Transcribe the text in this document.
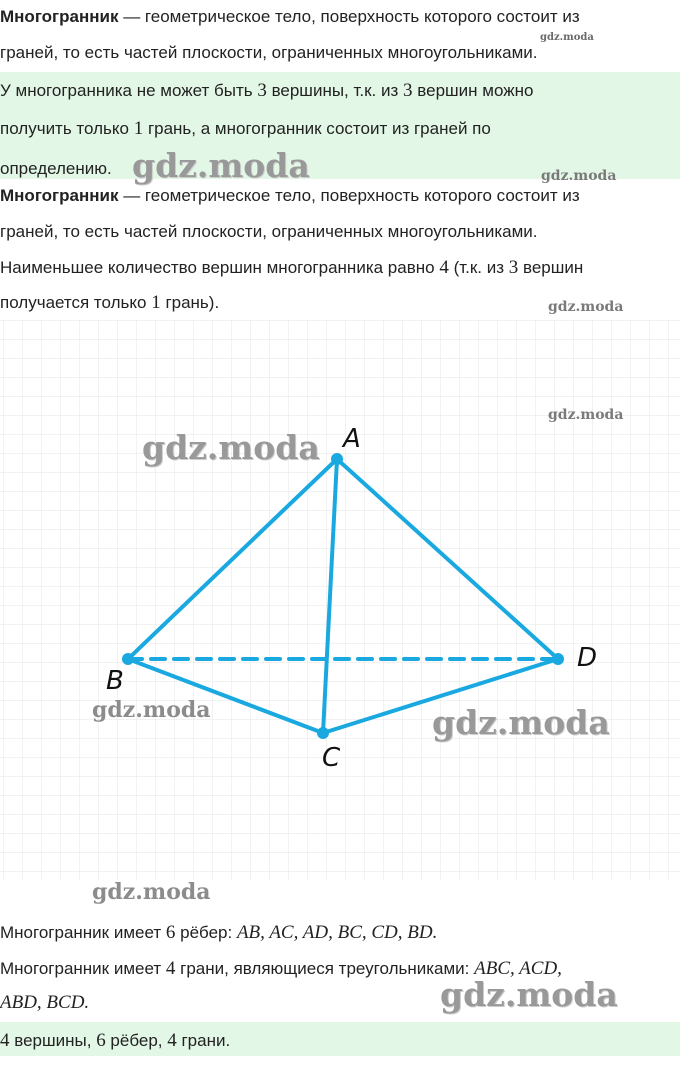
Многогранник — геометрическое тело, поверхность которого состоит из
граней, то есть частей плоскости, ограниченных многоугольниками.
gdz.moda
У многогранника не может быть 3 вершины, т.к. из 3 вершин можно
получить только 1 грань, а многогранник состоит из граней по
определению. gdz.moda	gdz.moda
Многогранник — геометрическое тело, поверхность которого состоит из
граней, то есть частей плоскости, ограниченных многоугольниками.
Наименьшее количество вершин многогранника равно 4 (т.к. из 3 вершин
получается только 1 грань).	gdz.moda
A
B
C
D
gdz.moda
gdz.moda
gdz.moda	gdz.moda
gdz.moda
Многогранник имеет 6 рёбер: AB, AC, AD, BC, CD, BD.
Многогранник имеет 4 грани, являющиеся треугольниками: ABC, ACD,
ABD, BCD.	gdz.moda
4 вершины, 6 рёбер, 4 грани.
